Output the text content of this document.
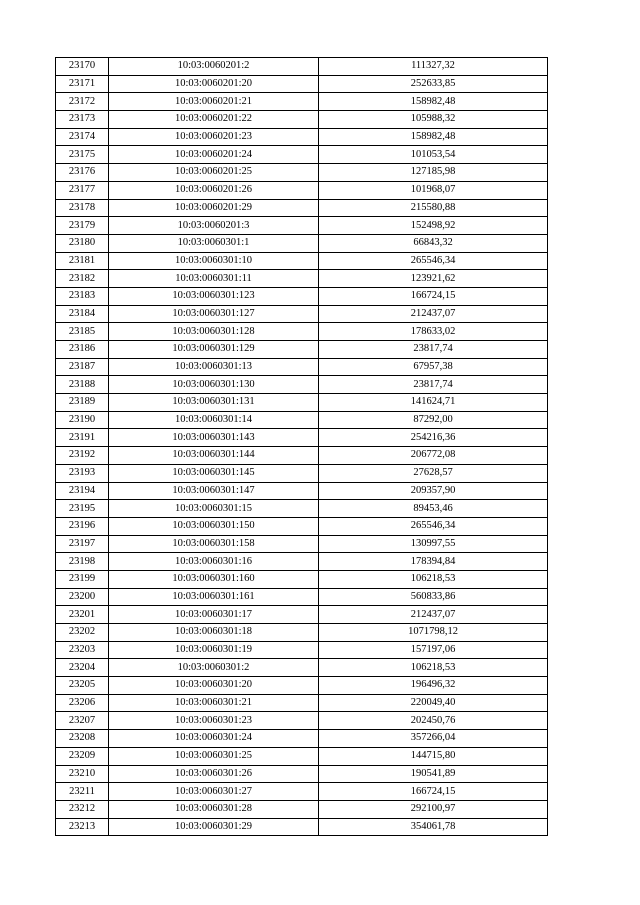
23170	10:03:0060201:2	111327,32
23171	10:03:0060201:20	252633,85
23172	10:03:0060201:21	158982,48
23173	10:03:0060201:22	105988,32
23174	10:03:0060201:23	158982,48
23175	10:03:0060201:24	101053,54
23176	10:03:0060201:25	127185,98
23177	10:03:0060201:26	101968,07
23178	10:03:0060201:29	215580,88
23179	10:03:0060201:3	152498,92
23180	10:03:0060301:1	66843,32
23181	10:03:0060301:10	265546,34
23182	10:03:0060301:11	123921,62
23183	10:03:0060301:123	166724,15
23184	10:03:0060301:127	212437,07
23185	10:03:0060301:128	178633,02
23186	10:03:0060301:129	23817,74
23187	10:03:0060301:13	67957,38
23188	10:03:0060301:130	23817,74
23189	10:03:0060301:131	141624,71
23190	10:03:0060301:14	87292,00
23191	10:03:0060301:143	254216,36
23192	10:03:0060301:144	206772,08
23193	10:03:0060301:145	27628,57
23194	10:03:0060301:147	209357,90
23195	10:03:0060301:15	89453,46
23196	10:03:0060301:150	265546,34
23197	10:03:0060301:158	130997,55
23198	10:03:0060301:16	178394,84
23199	10:03:0060301:160	106218,53
23200	10:03:0060301:161	560833,86
23201	10:03:0060301:17	212437,07
23202	10:03:0060301:18	1071798,12
23203	10:03:0060301:19	157197,06
23204	10:03:0060301:2	106218,53
23205	10:03:0060301:20	196496,32
23206	10:03:0060301:21	220049,40
23207	10:03:0060301:23	202450,76
23208	10:03:0060301:24	357266,04
23209	10:03:0060301:25	144715,80
23210	10:03:0060301:26	190541,89
23211	10:03:0060301:27	166724,15
23212	10:03:0060301:28	292100,97
23213	10:03:0060301:29	354061,78
